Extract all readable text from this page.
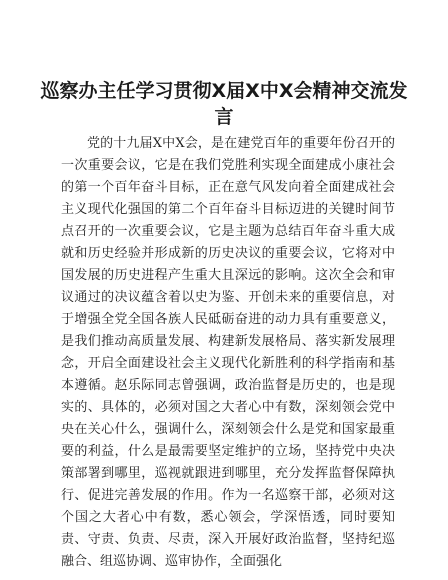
巡察办主任学习贯彻X届X中X会精神交流发言

党的十九届X中X会，是在建党百年的重要年份召开的一次重要会议，它是在我们党胜利实现全面建成小康社会的第一个百年奋斗目标，正在意气风发向着全面建成社会主义现代化强国的第二个百年奋斗目标迈进的关键时间节点召开的一次重要会议，它是主题为总结百年奋斗重大成就和历史经验并形成新的历史决议的重要会议，它将对中国发展的历史进程产生重大且深远的影响。这次全会和审议通过的决议蕴含着以史为鉴、开创未来的重要信息，对于增强全党全国各族人民砥砺奋进的动力具有重要意义，是我们推动高质量发展、构建新发展格局、落实新发展理念，开启全面建设社会主义现代化新胜利的科学指南和基本遵循。赵乐际同志曾强调，政治监督是历史的，也是现实的、具体的，必须对国之大者心中有数，深刻领会党中央在关心什么，强调什么，深刻领会什么是党和国家最重要的利益，什么是最需要坚定维护的立场，坚持党中央决策部署到哪里，巡视就跟进到哪里，充分发挥监督保障执行、促进完善发展的作用。作为一名巡察干部，必须对这个国之大者心中有数，悉心领会，学深悟透，同时要知责、守责、负责、尽责，深入开展好政治监督，坚持纪巡融合、组巡协调、巡审协作，全面强化
